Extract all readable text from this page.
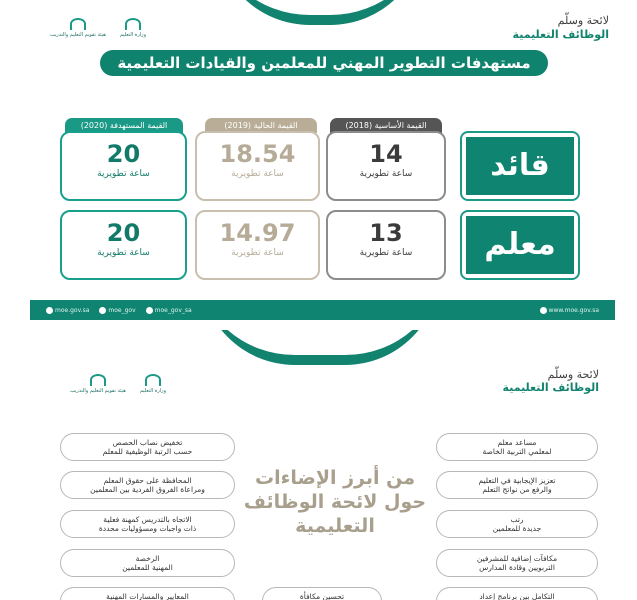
لائحة وسلّم
الوظائف التعليمية
هيئة تقويم التعليم والتدريب	وزارة التعليم
مستهدفات التطوير المهني للمعلمين والقيادات التعليمية
القيمة الأساسية (2018)
القيمة الحالية (2019)
القيمة المستهدفة (2020)
قائد
14
ساعة تطويرية
18.54
ساعة تطويرية
20
ساعة تطويرية
معلم
13
ساعة تطويرية
14.97
ساعة تطويرية
20
ساعة تطويرية
moe.gov.sa	moe_gov	moe_gov_sa	www.moe.gov.sa
لائحة وسلّم
الوظائف التعليمية
هيئة تقويم التعليم والتدريب	وزارة التعليم
من أبرز الإضاءات
حول لائحة الوظائف
التعليمية
مساعد معلم
لمعلمي التربية الخاصة
تعزيز الإيجابية في التعليم
والرفع من نواتج التعلم
رتب
جديدة للمعلمين
مكافآت إضافية للمشرفين
التربويين وقادة المدارس
التكامل بين برنامج إعداد
تخفيض نصاب الحصص
حسب الرتبة الوظيفية للمعلم
المحافظة على حقوق المعلم
ومراعاة الفروق الفردية بين المعلمين
الاتجاه بالتدريس كمهنة فعلية
ذات واجبات ومسؤوليات محددة
الرخصة
المهنية للمعلمين
المعايير والمسارات المهنية	تحسين مكافأة
